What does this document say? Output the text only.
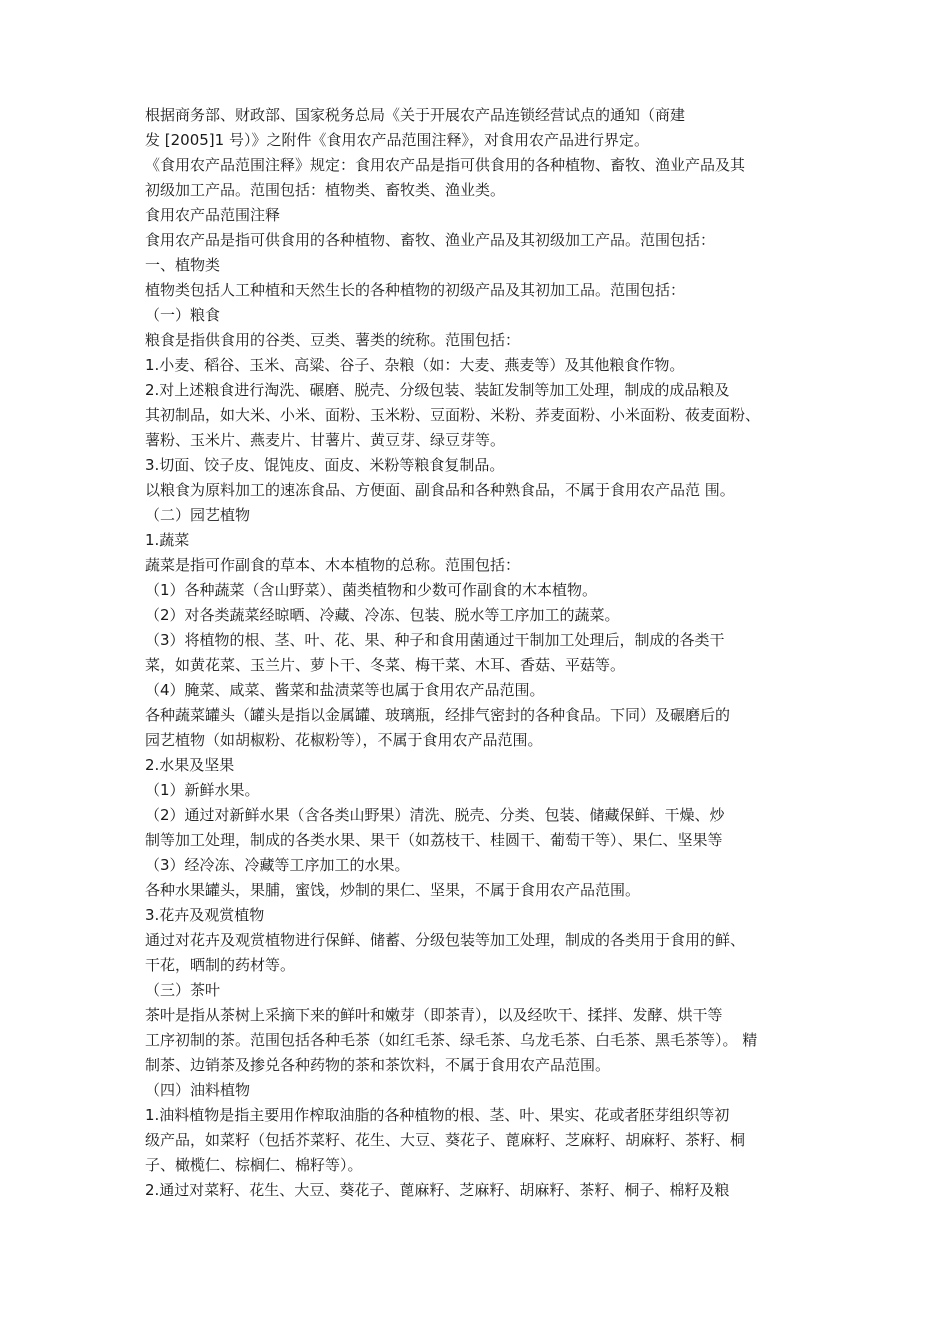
根据商务部、财政部、国家税务总局《关于开展农产品连锁经营试点的通知（商建
发 [2005]1 号）》之附件《食用农产品范围注释》，对食用农产品进行界定。
《食用农产品范围注释》规定：食用农产品是指可供食用的各种植物、畜牧、渔业产品及其
初级加工产品。范围包括：植物类、畜牧类、渔业类。
食用农产品范围注释
食用农产品是指可供食用的各种植物、畜牧、渔业产品及其初级加工产品。范围包括：
一、植物类
植物类包括人工种植和天然生长的各种植物的初级产品及其初加工品。范围包括：
（一）粮食
粮食是指供食用的谷类、豆类、薯类的统称。范围包括：
1.小麦、稻谷、玉米、高粱、谷子、杂粮（如：大麦、燕麦等）及其他粮食作物。
2.对上述粮食进行淘洗、碾磨、脱壳、分级包装、装缸发制等加工处理，制成的成品粮及
其初制品，如大米、小米、面粉、玉米粉、豆面粉、米粉、荞麦面粉、小米面粉、莜麦面粉、
薯粉、玉米片、燕麦片、甘薯片、黄豆芽、绿豆芽等。
3.切面、饺子皮、馄饨皮、面皮、米粉等粮食复制品。
以粮食为原料加工的速冻食品、方便面、副食品和各种熟食品，不属于食用农产品范 围。
（二）园艺植物
1.蔬菜
蔬菜是指可作副食的草本、木本植物的总称。范围包括：
（1）各种蔬菜（含山野菜）、菌类植物和少数可作副食的木本植物。
（2）对各类蔬菜经晾晒、冷藏、冷冻、包装、脱水等工序加工的蔬菜。
（3）将植物的根、茎、叶、花、果、种子和食用菌通过干制加工处理后，制成的各类干
菜，如黄花菜、玉兰片、萝卜干、冬菜、梅干菜、木耳、香菇、平菇等。
（4）腌菜、咸菜、酱菜和盐渍菜等也属于食用农产品范围。
各种蔬菜罐头（罐头是指以金属罐、玻璃瓶，经排气密封的各种食品。下同）及碾磨后的
园艺植物（如胡椒粉、花椒粉等），不属于食用农产品范围。
2.水果及坚果
（1）新鲜水果。
（2）通过对新鲜水果（含各类山野果）清洗、脱壳、分类、包装、储藏保鲜、干燥、炒
制等加工处理，制成的各类水果、果干（如荔枝干、桂圆干、葡萄干等）、果仁、坚果等
（3）经冷冻、冷藏等工序加工的水果。
各种水果罐头，果脯，蜜饯，炒制的果仁、坚果，不属于食用农产品范围。
3.花卉及观赏植物
通过对花卉及观赏植物进行保鲜、储蓄、分级包装等加工处理，制成的各类用于食用的鲜、
干花，晒制的药材等。
（三）茶叶
茶叶是指从茶树上采摘下来的鲜叶和嫩芽（即茶青），以及经吹干、揉拌、发酵、烘干等
工序初制的茶。范围包括各种毛茶（如红毛茶、绿毛茶、乌龙毛茶、白毛茶、黑毛茶等）。 精
制茶、边销茶及掺兑各种药物的茶和茶饮料，不属于食用农产品范围。
（四）油料植物
1.油料植物是指主要用作榨取油脂的各种植物的根、茎、叶、果实、花或者胚芽组织等初
级产品，如菜籽（包括芥菜籽、花生、大豆、葵花子、蓖麻籽、芝麻籽、胡麻籽、茶籽、桐
子、橄榄仁、棕榈仁、棉籽等）。
2.通过对菜籽、花生、大豆、葵花子、蓖麻籽、芝麻籽、胡麻籽、茶籽、桐子、棉籽及粮
